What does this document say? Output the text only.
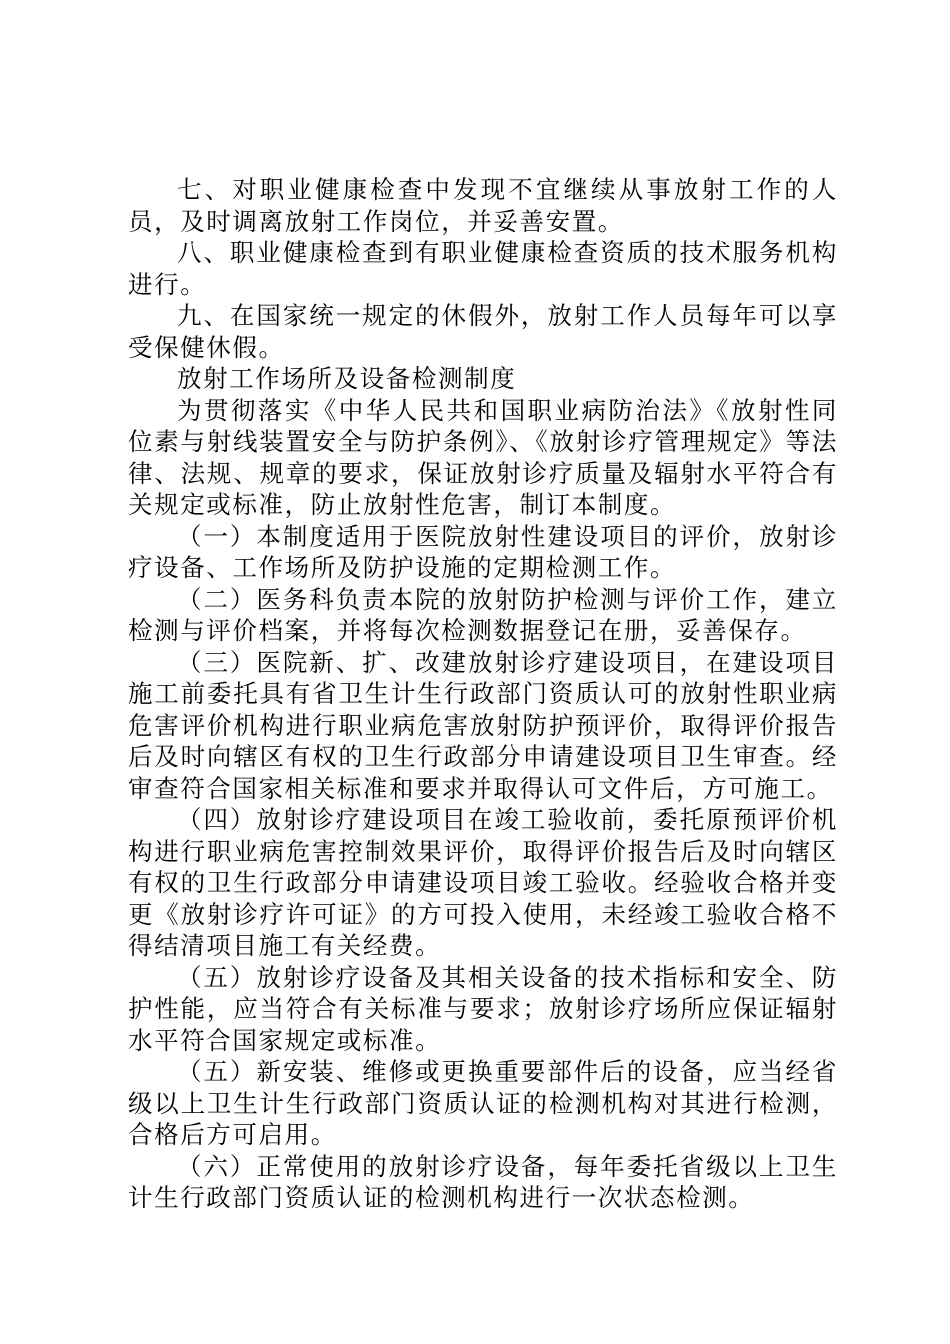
七、对职业健康检查中发现不宜继续从事放射工作的人员，及时调离放射工作岗位，并妥善安置。

八、职业健康检查到有职业健康检查资质的技术服务机构进行。

九、在国家统一规定的休假外，放射工作人员每年可以享受保健休假。

放射工作场所及设备检测制度

为贯彻落实《中华人民共和国职业病防治法》《放射性同位素与射线装置安全与防护条例》、《放射诊疗管理规定》等法律、法规、规章的要求，保证放射诊疗质量及辐射水平符合有关规定或标准，防止放射性危害，制订本制度。

（一）本制度适用于医院放射性建设项目的评价，放射诊疗设备、工作场所及防护设施的定期检测工作。

（二）医务科负责本院的放射防护检测与评价工作，建立检测与评价档案，并将每次检测数据登记在册，妥善保存。

（三）医院新、扩、改建放射诊疗建设项目，在建设项目施工前委托具有省卫生计生行政部门资质认可的放射性职业病危害评价机构进行职业病危害放射防护预评价，取得评价报告后及时向辖区有权的卫生行政部分申请建设项目卫生审查。经审查符合国家相关标准和要求并取得认可文件后，方可施工。

（四）放射诊疗建设项目在竣工验收前，委托原预评价机构进行职业病危害控制效果评价，取得评价报告后及时向辖区有权的卫生行政部分申请建设项目竣工验收。经验收合格并变更《放射诊疗许可证》的方可投入使用，未经竣工验收合格不得结清项目施工有关经费。

（五）放射诊疗设备及其相关设备的技术指标和安全、防护性能，应当符合有关标准与要求；放射诊疗场所应保证辐射水平符合国家规定或标准。

（五）新安装、维修或更换重要部件后的设备，应当经省级以上卫生计生行政部门资质认证的检测机构对其进行检测，合格后方可启用。

（六）正常使用的放射诊疗设备，每年委托省级以上卫生计生行政部门资质认证的检测机构进行一次状态检测。
